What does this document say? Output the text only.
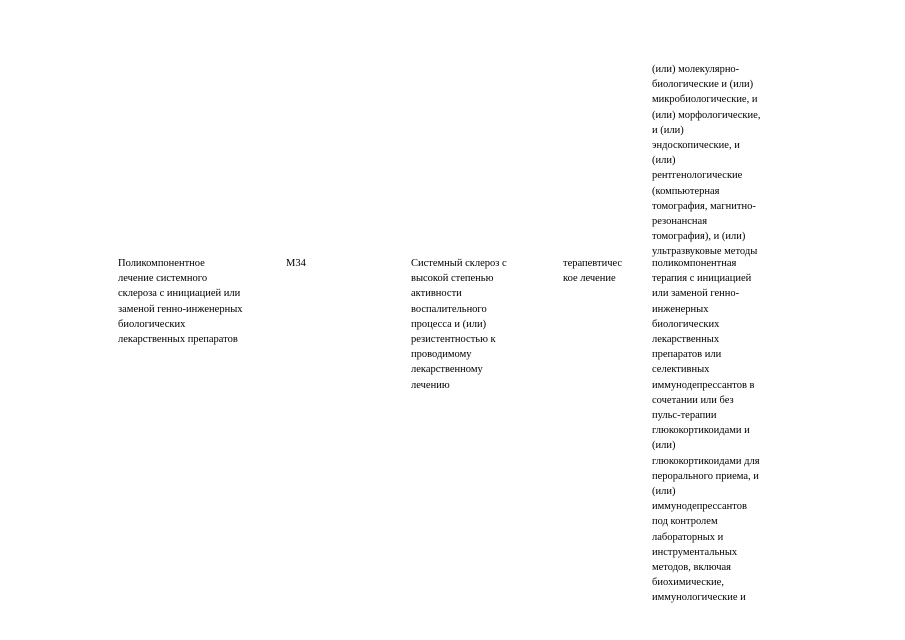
Поликомпонентное
лечение системного
склероза с инициацией или
заменой генно-инженерных
биологических
лекарственных препаратов
М34	Системный склероз с
высокой степенью
активности
воспалительного
процесса и (или)
резистентностью к
проводимому
лекарственному
лечению
терапевтичес
кое лечение
(или) молекулярно-
биологические и (или)
микробиологические, и
(или) морфологические,
и (или)
эндоскопические, и
(или)
рентгенологические
(компьютерная
томография, магнитно-
резонансная
томография), и (или)
ультразвуковые методы
поликомпонентная
терапия с инициацией
или заменой генно-
инженерных
биологических
лекарственных
препаратов или
селективных
иммунодепрессантов в
сочетании или без
пульс-терапии
глюкокортикоидами и
(или)
глюкокортикоидами для
перорального приема, и
(или)
иммунодепрессантов
под контролем
лабораторных и
инструментальных
методов, включая
биохимические,
иммунологические и
